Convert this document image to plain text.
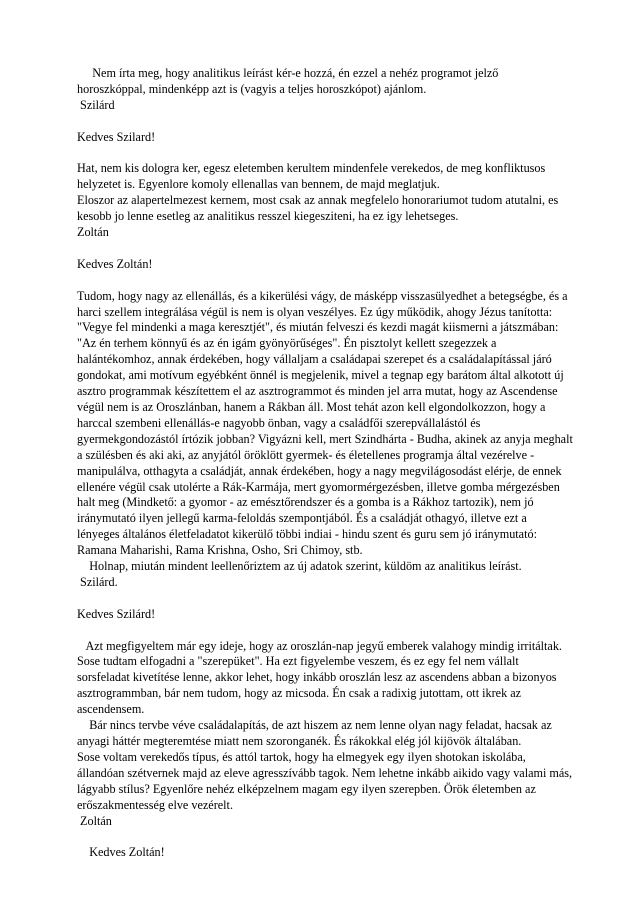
Nem írta meg, hogy analitikus leírást kér-e hozzá, én ezzel a nehéz programot jelző
horoszkóppal, mindenképp azt is (vagyis a teljes horoszkópot) ajánlom.
Szilárd
Kedves Szilard!
Hat, nem kis dologra ker, egesz eletemben kerultem mindenfele verekedos, de meg konfliktusos
helyzetet is. Egyenlore komoly ellenallas van bennem, de majd meglatjuk.
Eloszor az alapertelmezest kernem, most csak az annak megfelelo honorariumot tudom atutalni, es
kesobb jo lenne esetleg az analitikus resszel kiegesziteni, ha ez igy lehetseges.
Zoltán
Kedves Zoltán!
Tudom, hogy nagy az ellenállás, és a kikerülési vágy, de másképp visszasülyedhet a betegségbe, és a
harci szellem integrálása végül is nem is olyan veszélyes. Ez úgy működik, ahogy Jézus tanította:
"Vegye fel mindenki a maga keresztjét", és miután felveszi és kezdi magát kiismerni a játszmában:
"Az én terhem könnyű és az én igám gyönyörűséges". Én pisztolyt kellett szegezzek a
halántékomhoz, annak érdekében, hogy vállaljam a családapai szerepet és a családalapítással járó
gondokat, ami motívum egyébként önnél is megjelenik, mivel a tegnap egy barátom által alkotott új
asztro programmak készítettem el az asztrogrammot és minden jel arra mutat, hogy az Ascendense
végül nem is az Oroszlánban, hanem a Rákban áll. Most tehát azon kell elgondolkozzon, hogy a
harccal szembeni ellenállás-e nagyobb önban, vagy a családfői szerepvállalástól és
gyermekgondozástól írtózik jobban? Vigyázni kell, mert Szindhárta - Budha, akinek az anyja meghalt
a szülésben és aki aki, az anyjától öröklött gyermek- és életellenes programja által vezérelve -
manipulálva, otthagyta a családját, annak érdekében, hogy a nagy megvilágosodást elérje, de ennek
ellenére végül csak utolérte a Rák-Karmája, mert gyomormérgezésben, illetve gomba mérgezésben
halt meg (Mindkető: a gyomor - az emésztőrendszer és a gomba is a Rákhoz tartozik), nem jó
iránymutató ilyen jellegű karma-feloldás szempontjából. És a családját othagyó, illetve ezt a
lényeges általános életfeladatot kikerülő többi indiai - hindu szent és guru sem jó iránymutató:
Ramana Maharishi, Rama Krishna, Osho, Sri Chimoy, stb.
Holnap, miután mindent leellenőriztem az új adatok szerint, küldöm az analitikus leírást.
Szilárd.
Kedves Szilárd!
Azt megfigyeltem már egy ideje, hogy az oroszlán-nap jegyű emberek valahogy mindig irritáltak.
Sose tudtam elfogadni a "szerepüket". Ha ezt figyelembe veszem, és ez egy fel nem vállalt
sorsfeladat kivetítése lenne, akkor lehet, hogy inkább oroszlán lesz az ascendens abban a bizonyos
asztrogrammban, bár nem tudom, hogy az micsoda. Én csak a radixig jutottam, ott ikrek az
ascendensem.
Bár nincs tervbe véve családalapítás, de azt hiszem az nem lenne olyan nagy feladat, hacsak az
anyagi háttér megteremtése miatt nem szoronganék. És rákokkal elég jól kijövök általában.
Sose voltam verekedős típus, és attól tartok, hogy ha elmegyek egy ilyen shotokan iskolába,
állandóan szétvernek majd az eleve agresszívább tagok. Nem lehetne inkább aikido vagy valami más,
lágyabb stílus? Egyenlőre nehéz elképzelnem magam egy ilyen szerepben. Örök életemben az
erőszakmentesség elve vezérelt.
Zoltán
Kedves Zoltán!
